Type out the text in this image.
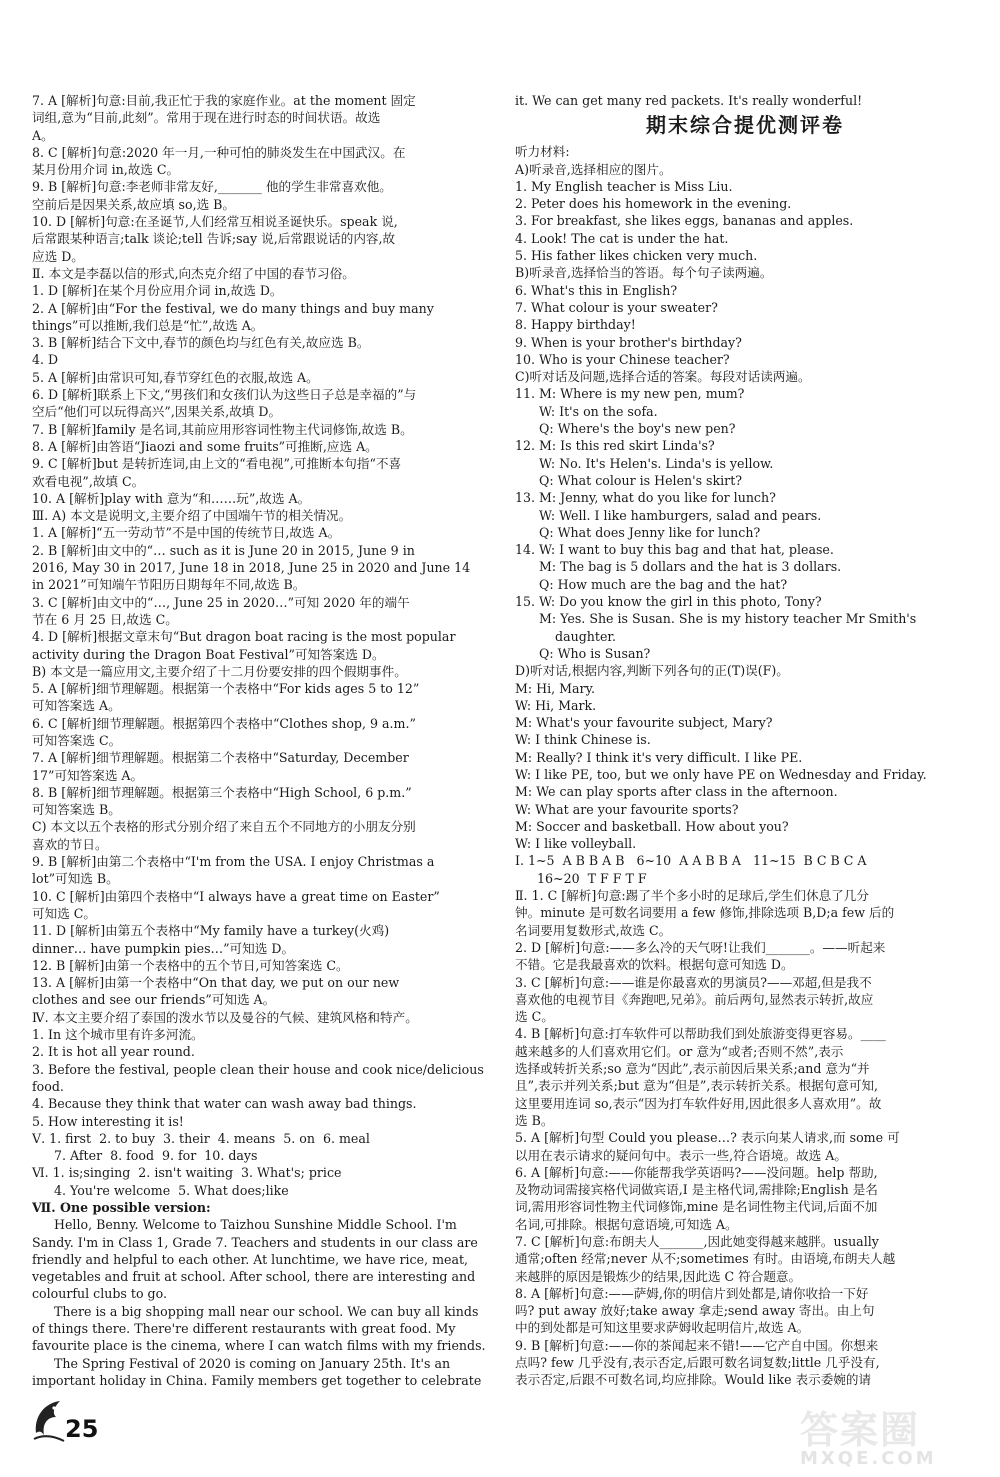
7. A [解析]句意:目前,我正忙于我的家庭作业。at the moment 固定
词组,意为“目前,此刻”。常用于现在进行时态的时间状语。故选
A。
8. C [解析]句意:2020 年一月,一种可怕的肺炎发生在中国武汉。在
某月份用介词 in,故选 C。
9. B [解析]句意:李老师非常友好,_______ 他的学生非常喜欢他。
空前后是因果关系,故应填 so,选 B。
10. D [解析]句意:在圣诞节,人们经常互相说圣诞快乐。speak 说,
后常跟某种语言;talk 谈论;tell 告诉;say 说,后常跟说话的内容,故
应选 D。
Ⅱ. 本文是李磊以信的形式,向杰克介绍了中国的春节习俗。
1. D [解析]在某个月份应用介词 in,故选 D。
2. A [解析]由“For the festival, we do many things and buy many
things”可以推断,我们总是“忙”,故选 A。
3. B [解析]结合下文中,春节的颜色均与红色有关,故应选 B。
4. D
5. A [解析]由常识可知,春节穿红色的衣服,故选 A。
6. D [解析]联系上下文,“男孩们和女孩们认为这些日子总是幸福的”与
空后“他们可以玩得高兴”,因果关系,故填 D。
7. B [解析]family 是名词,其前应用形容词性物主代词修饰,故选 B。
8. A [解析]由答语“Jiaozi and some fruits”可推断,应选 A。
9. C [解析]but 是转折连词,由上文的“看电视”,可推断本句指“不喜
欢看电视”,故填 C。
10. A [解析]play with 意为“和……玩”,故选 A。
Ⅲ. A) 本文是说明文,主要介绍了中国端午节的相关情况。
1. A [解析]“五一劳动节”不是中国的传统节日,故选 A。
2. B [解析]由文中的“… such as it is June 20 in 2015, June 9 in
2016, May 30 in 2017, June 18 in 2018, June 25 in 2020 and June 14
in 2021”可知端午节阳历日期每年不同,故选 B。
3. C [解析]由文中的“…, June 25 in 2020…”可知 2020 年的端午
节在 6 月 25 日,故选 C。
4. D [解析]根据文章末句“But dragon boat racing is the most popular
activity during the Dragon Boat Festival”可知答案选 D。
B) 本文是一篇应用文,主要介绍了十二月份要安排的四个假期事件。
5. A [解析]细节理解题。根据第一个表格中“For kids ages 5 to 12”
可知答案选 A。
6. C [解析]细节理解题。根据第四个表格中“Clothes shop, 9 a.m.”
可知答案选 C。
7. A [解析]细节理解题。根据第二个表格中“Saturday, December
17”可知答案选 A。
8. B [解析]细节理解题。根据第三个表格中“High School, 6 p.m.”
可知答案选 B。
C) 本文以五个表格的形式分别介绍了来自五个不同地方的小朋友分别
喜欢的节日。
9. B [解析]由第二个表格中“I'm from the USA. I enjoy Christmas a
lot”可知选 B。
10. C [解析]由第四个表格中“I always have a great time on Easter”
可知选 C。
11. D [解析]由第五个表格中“My family have a turkey(火鸡)
dinner… have pumpkin pies…”可知选 D。
12. B [解析]由第一个表格中的五个节日,可知答案选 C。
13. A [解析]由第一个表格中“On that day, we put on our new
clothes and see our friends”可知选 A。
Ⅳ. 本文主要介绍了泰国的泼水节以及曼谷的气候、建筑风格和特产。
1. In 这个城市里有许多河流。
2. It is hot all year round.
3. Before the festival, people clean their house and cook nice/delicious
food.
4. Because they think that water can wash away bad things.
5. How interesting it is!
Ⅴ. 1. first  2. to buy  3. their  4. means  5. on  6. meal
7. After  8. food  9. for  10. days
Ⅵ. 1. is;singing  2. isn't waiting  3. What's; price
4. You're welcome  5. What does;like
Ⅶ. One possible version:
Hello, Benny. Welcome to Taizhou Sunshine Middle School. I'm
Sandy. I'm in Class 1, Grade 7. Teachers and students in our class are
friendly and helpful to each other. At lunchtime, we have rice, meat,
vegetables and fruit at school. After school, there are interesting and
colourful clubs to go.
There is a big shopping mall near our school. We can buy all kinds
of things there. There're different restaurants with great food. My
favourite place is the cinema, where I can watch films with my friends.
The Spring Festival of 2020 is coming on January 25th. It's an
important holiday in China. Family members get together to celebrate
it. We can get many red packets. It's really wonderful!
期末综合提优测评卷
听力材料:
A)听录音,选择相应的图片。
1. My English teacher is Miss Liu.
2. Peter does his homework in the evening.
3. For breakfast, she likes eggs, bananas and apples.
4. Look! The cat is under the hat.
5. His father likes chicken very much.
B)听录音,选择恰当的答语。每个句子读两遍。
6. What's this in English?
7. What colour is your sweater?
8. Happy birthday!
9. When is your brother's birthday?
10. Who is your Chinese teacher?
C)听对话及问题,选择合适的答案。每段对话读两遍。
11. M: Where is my new pen, mum?
W: It's on the sofa.
Q: Where's the boy's new pen?
12. M: Is this red skirt Linda's?
W: No. It's Helen's. Linda's is yellow.
Q: What colour is Helen's skirt?
13. M: Jenny, what do you like for lunch?
W: Well. I like hamburgers, salad and pears.
Q: What does Jenny like for lunch?
14. W: I want to buy this bag and that hat, please.
M: The bag is 5 dollars and the hat is 3 dollars.
Q: How much are the bag and the hat?
15. W: Do you know the girl in this photo, Tony?
M: Yes. She is Susan. She is my history teacher Mr Smith's
daughter.
Q: Who is Susan?
D)听对话,根据内容,判断下列各句的正(T)误(F)。
M: Hi, Mary.
W: Hi, Mark.
M: What's your favourite subject, Mary?
W: I think Chinese is.
M: Really? I think it's very difficult. I like PE.
W: I like PE, too, but we only have PE on Wednesday and Friday.
M: We can play sports after class in the afternoon.
W: What are your favourite sports?
M: Soccer and basketball. How about you?
W: I like volleyball.
Ⅰ. 1~5  A B B A B   6~10  A A B B A   11~15  B C B C A
16~20  T F F T F
Ⅱ. 1. C [解析]句意:踢了半个多小时的足球后,学生们休息了几分
钟。minute 是可数名词要用 a few 修饰,排除选项 B,D;a few 后的
名词要用复数形式,故选 C。
2. D [解析]句意:——多么冷的天气呀!让我们_______。——听起来
不错。它是我最喜欢的饮料。根据句意可知选 D。
3. C [解析]句意:——谁是你最喜欢的男演员?——邓超,但是我不
喜欢他的电视节目《奔跑吧,兄弟》。前后两句,显然表示转折,故应
选 C。
4. B [解析]句意:打车软件可以帮助我们到处旅游变得更容易。____
越来越多的人们喜欢用它们。or 意为“或者;否则不然”,表示
选择或转折关系;so 意为“因此”,表示前因后果关系;and 意为“并
且”,表示并列关系;but 意为“但是”,表示转折关系。根据句意可知,
这里要用连词 so,表示“因为打车软件好用,因此很多人喜欢用”。故
选 B。
5. A [解析]句型 Could you please…? 表示向某人请求,而 some 可
以用在表示请求的疑问句中。表示一些,符合语境。故选 A。
6. A [解析]句意:——你能帮我学英语吗?——没问题。help 帮助,
及物动词需接宾格代词做宾语,I 是主格代词,需排除;English 是名
词,需用形容词性物主代词修饰,mine 是名词性物主代词,后面不加
名词,可排除。根据句意语境,可知选 A。
7. C [解析]句意:布朗夫人_______,因此她变得越来越胖。usually
通常;often 经常;never 从不;sometimes 有时。由语境,布朗夫人越
来越胖的原因是锻炼少的结果,因此选 C 符合题意。
8. A [解析]句意:——萨姆,你的明信片到处都是,请你收拾一下好
吗? put away 放好;take away 拿走;send away 寄出。由上句
中的到处都是可知这里要求萨姆收起明信片,故选 A。
9. B [解析]句意:——你的茶闻起来不错!——它产自中国。你想来
点吗? few 几乎没有,表示否定,后跟可数名词复数;little 几乎没有,
表示否定,后跟不可数名词,均应排除。Would like 表示委婉的请
25	答案圈
MXQE.COM
